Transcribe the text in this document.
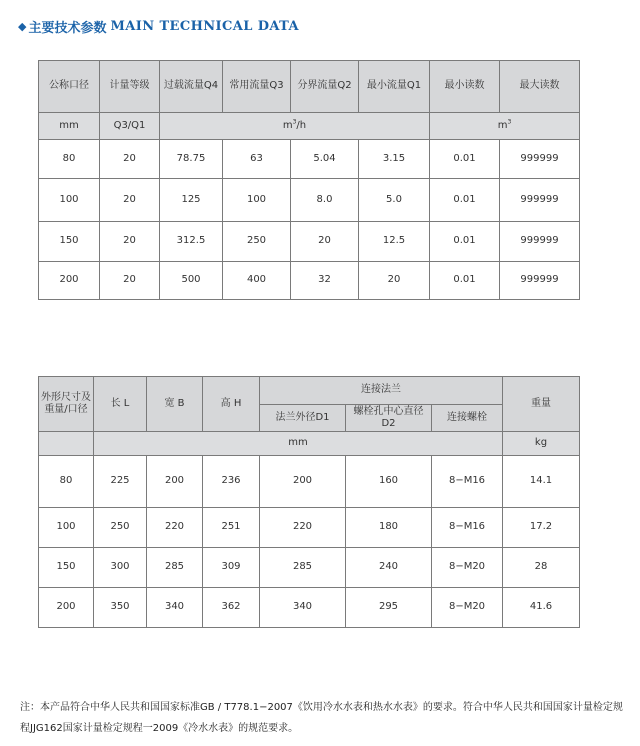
◆ 主要技术参数 MAIN TECHNICAL DATA
公称口径	计量等级	过载流量Q4	常用流量Q3	分界流量Q2	最小流量Q1	最小读数	最大读数
mm	Q3/Q1	$m^3/h$				$m^3$
80	20	78.75	63	5.04	3.15	0.01	999999
100	20	125	100	8.0	5.0	0.01	999999
150	20	312.5	250	20	12.5	0.01	999999
200	20	500	400	32	20	0.01	999999
外形尺寸及
重量/口径	长 L	宽 B	高 H	连接法兰			重量
				法兰外径D1	螺栓孔中心直径D2	连接螺栓	
	mm						kg
80	225	200	236	200	160	8−M16	14.1
100	250	220	251	220	180	8−M16	17.2
150	300	285	309	285	240	8−M20	28
200	350	340	362	340	295	8−M20	41.6
注：本产品符合中华人民共和国国家标准GB / T778.1−2007《饮用冷水水表和热水水表》的要求。符合中华人民共和国国家计量检定规程JJG162国家计量检定规程一2009《冷水水表》的规范要求。
